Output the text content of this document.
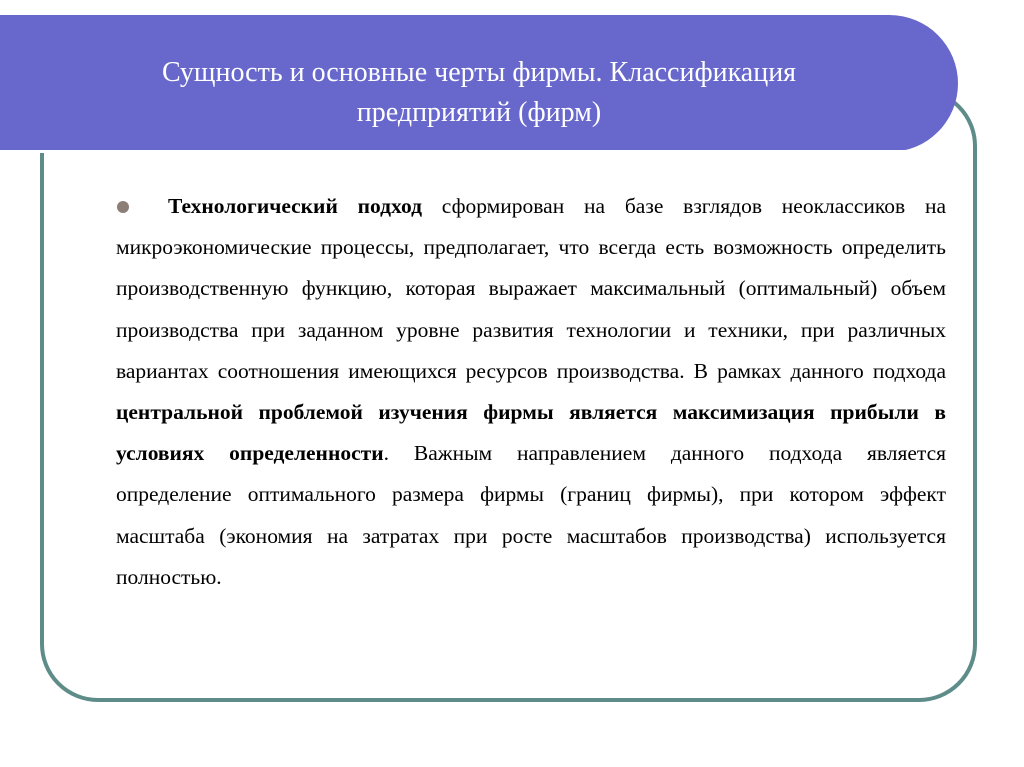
Сущность и основные черты фирмы. Классификация
предприятий (фирм)
Технологический подход сформирован на базе взглядов неоклассиков на микроэкономические процессы, предполагает, что всегда есть возможность определить производственную функцию, которая выражает максимальный (оптимальный) объем производства при заданном уровне развития технологии и техники, при различных вариантах соотношения имеющихся ресурсов производства. В рамках данного подхода центральной проблемой изучения фирмы является максимизация прибыли в условиях определенности. Важным направлением данного подхода является определение оптимального размера фирмы (границ фирмы), при котором эффект масштаба (экономия на затратах при росте масштабов производства) используется полностью.
